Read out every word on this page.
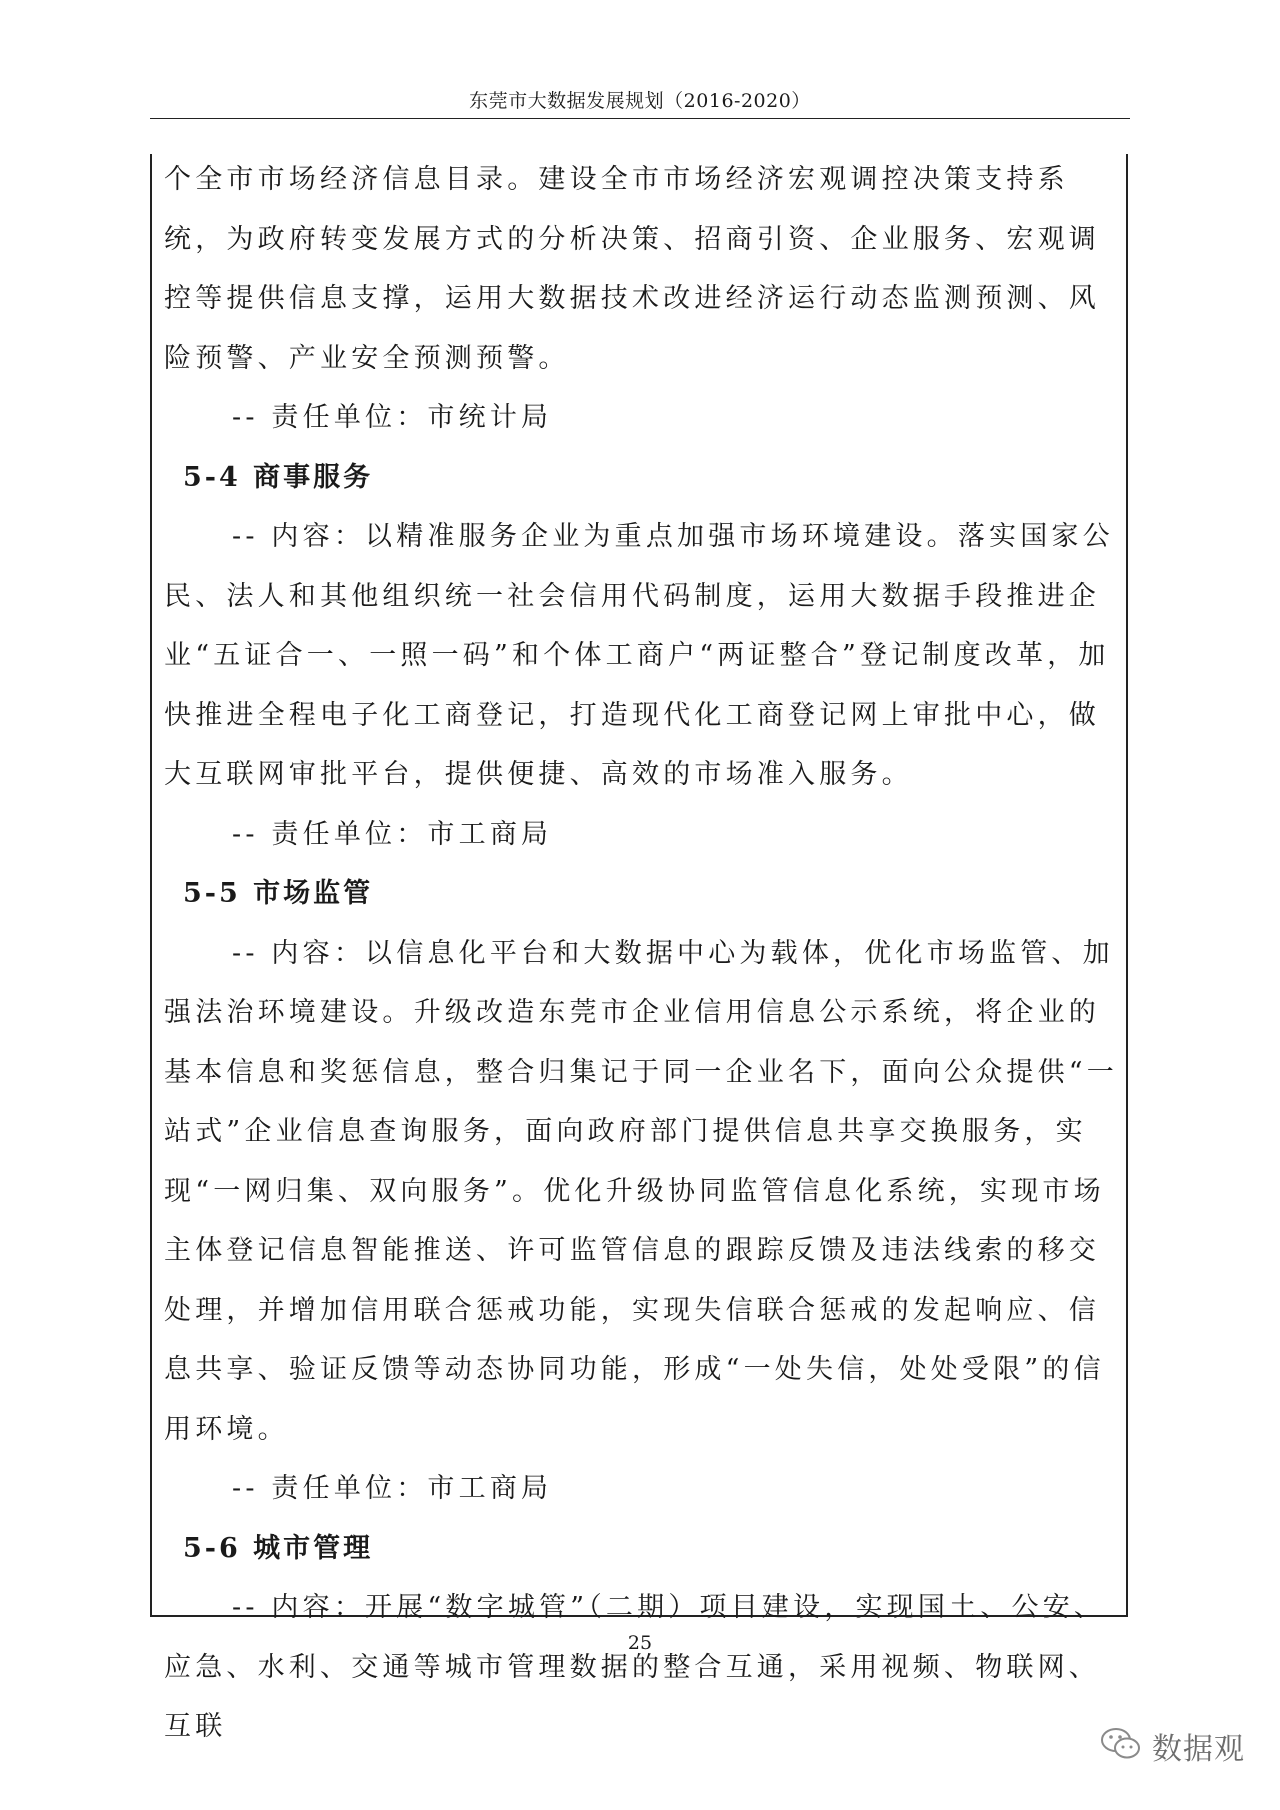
东莞市大数据发展规划（2016-2020）

个全市市场经济信息目录。建设全市市场经济宏观调控决策支持系统，为政府转变发展方式的分析决策、招商引资、企业服务、宏观调控等提供信息支撑，运用大数据技术改进经济运行动态监测预测、风险预警、产业安全预测预警。

-- 责任单位：市统计局

5-4 商事服务

-- 内容：以精准服务企业为重点加强市场环境建设。落实国家公民、法人和其他组织统一社会信用代码制度，运用大数据手段推进企业“五证合一、一照一码”和个体工商户“两证整合”登记制度改革，加快推进全程电子化工商登记，打造现代化工商登记网上审批中心，做大互联网审批平台，提供便捷、高效的市场准入服务。

-- 责任单位：市工商局

5-5 市场监管

-- 内容：以信息化平台和大数据中心为载体，优化市场监管、加强法治环境建设。升级改造东莞市企业信用信息公示系统，将企业的基本信息和奖惩信息，整合归集记于同一企业名下，面向公众提供“一站式”企业信息查询服务，面向政府部门提供信息共享交换服务，实现“一网归集、双向服务”。优化升级协同监管信息化系统，实现市场主体登记信息智能推送、许可监管信息的跟踪反馈及违法线索的移交处理，并增加信用联合惩戒功能，实现失信联合惩戒的发起响应、信息共享、验证反馈等动态协同功能，形成“一处失信，处处受限”的信用环境。

-- 责任单位：市工商局

5-6 城市管理

-- 内容：开展“数字城管”（二期）项目建设，实现国土、公安、应急、水利、交通等城市管理数据的整合互通，采用视频、物联网、互联

25
数据观
